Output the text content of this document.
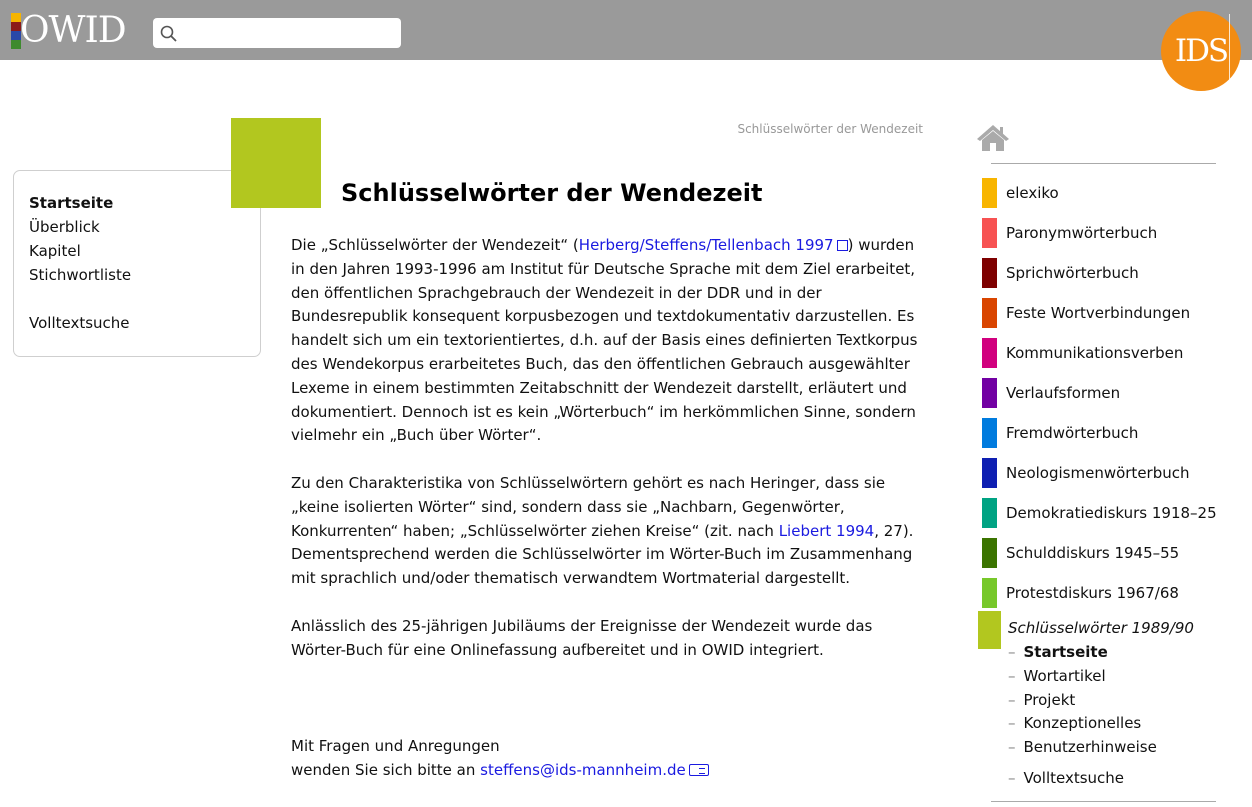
OWID	IDS
Startseite
Überblick
Kapitel
Stichwortliste
Volltextsuche
Schlüsselwörter der Wendezeit
Schlüsselwörter der Wendezeit

Die „Schlüsselwörter der Wendezeit“ (Herberg/Steffens/Tellenbach 1997 ) wurden in den Jahren 1993-1996 am Institut für Deutsche Sprache mit dem Ziel erarbeitet, den öffentlichen Sprachgebrauch der Wendezeit in der DDR und in der Bundesrepublik konsequent korpusbezogen und textdokumentativ darzustellen. Es handelt sich um ein textorientiertes, d.h. auf der Basis eines definierten Textkorpus des Wendekorpus erarbeitetes Buch, das den öffentlichen Gebrauch ausgewählter Lexeme in einem bestimmten Zeitabschnitt der Wendezeit darstellt, erläutert und dokumentiert. Dennoch ist es kein „Wörterbuch“ im herkömmlichen Sinne, sondern vielmehr ein „Buch über Wörter“.

Zu den Charakteristika von Schlüsselwörtern gehört es nach Heringer, dass sie „keine isolierten Wörter“ sind, sondern dass sie „Nachbarn, Gegenwörter, Konkurrenten“ haben; „Schlüsselwörter ziehen Kreise“ (zit. nach Liebert 1994, 27). Dementsprechend werden die Schlüsselwörter im Wörter-Buch im Zusammenhang mit sprachlich und/oder thematisch verwandtem Wortmaterial dargestellt.

Anlässlich des 25-jährigen Jubiläums der Ereignisse der Wendezeit wurde das Wörter-Buch für eine Onlinefassung aufbereitet und in OWID integriert.

Mit Fragen und Anregungen
wenden Sie sich bitte an steffens@ids-mannheim.de
elexiko
Paronymwörterbuch
Sprichwörterbuch
Feste Wortverbindungen
Kommunikationsverben
Verlaufsformen
Fremdwörterbuch
Neologismenwörterbuch
Demokratiediskurs 1918–25
Schulddiskurs 1945–55
Protestdiskurs 1967/68
Schlüsselwörter 1989/90
– Startseite
– Wortartikel
– Projekt
– Konzeptionelles
– Benutzerhinweise
– Volltextsuche
